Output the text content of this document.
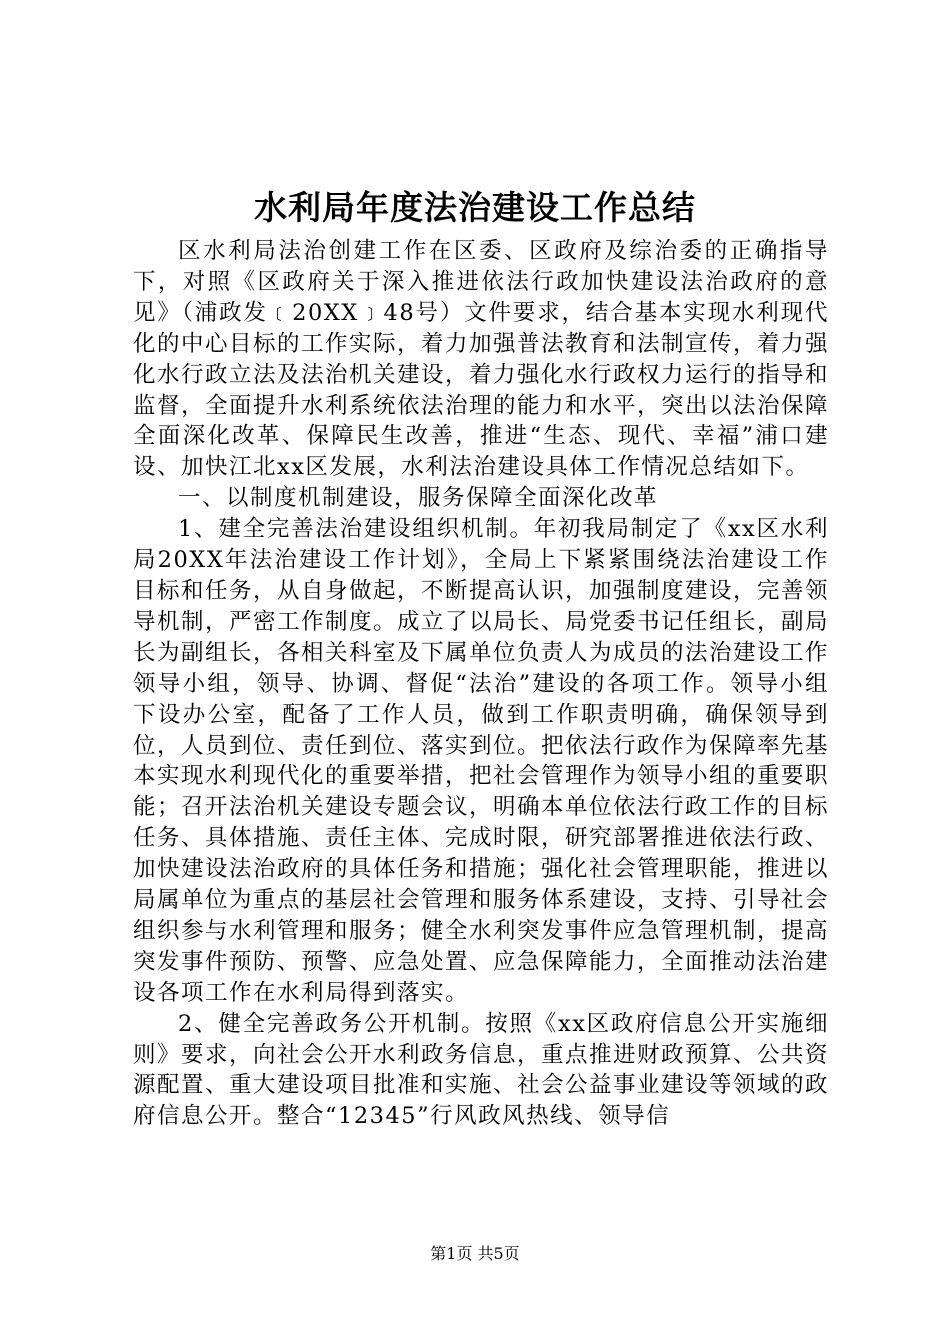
水利局年度法治建设工作总结

区水利局法治创建工作在区委、区政府及综治委的正确指导下，对照《区政府关于深入推进依法行政加快建设法治政府的意见》（浦政发﹝20XX﹞48号）文件要求，结合基本实现水利现代化的中心目标的工作实际，着力加强普法教育和法制宣传，着力强化水行政立法及法治机关建设，着力强化水行政权力运行的指导和监督，全面提升水利系统依法治理的能力和水平，突出以法治保障全面深化改革、保障民生改善，推进“生态、现代、幸福”浦口建设、加快江北xx区发展，水利法治建设具体工作情况总结如下。

一、以制度机制建设，服务保障全面深化改革

1、建全完善法治建设组织机制。年初我局制定了《xx区水利局20XX年法治建设工作计划》，全局上下紧紧围绕法治建设工作目标和任务，从自身做起，不断提高认识，加强制度建设，完善领导机制，严密工作制度。成立了以局长、局党委书记任组长，副局长为副组长，各相关科室及下属单位负责人为成员的法治建设工作领导小组，领导、协调、督促“法治”建设的各项工作。领导小组下设办公室，配备了工作人员，做到工作职责明确，确保领导到位，人员到位、责任到位、落实到位。把依法行政作为保障率先基本实现水利现代化的重要举措，把社会管理作为领导小组的重要职能；召开法治机关建设专题会议，明确本单位依法行政工作的目标任务、具体措施、责任主体、完成时限，研究部署推进依法行政、加快建设法治政府的具体任务和措施；强化社会管理职能，推进以局属单位为重点的基层社会管理和服务体系建设，支持、引导社会组织参与水利管理和服务；健全水利突发事件应急管理机制，提高突发事件预防、预警、应急处置、应急保障能力，全面推动法治建设各项工作在水利局得到落实。

2、健全完善政务公开机制。按照《xx区政府信息公开实施细则》要求，向社会公开水利政务信息，重点推进财政预算、公共资源配置、重大建设项目批准和实施、社会公益事业建设等领域的政府信息公开。整合“12345”行风政风热线、领导信

第1页 共5页
